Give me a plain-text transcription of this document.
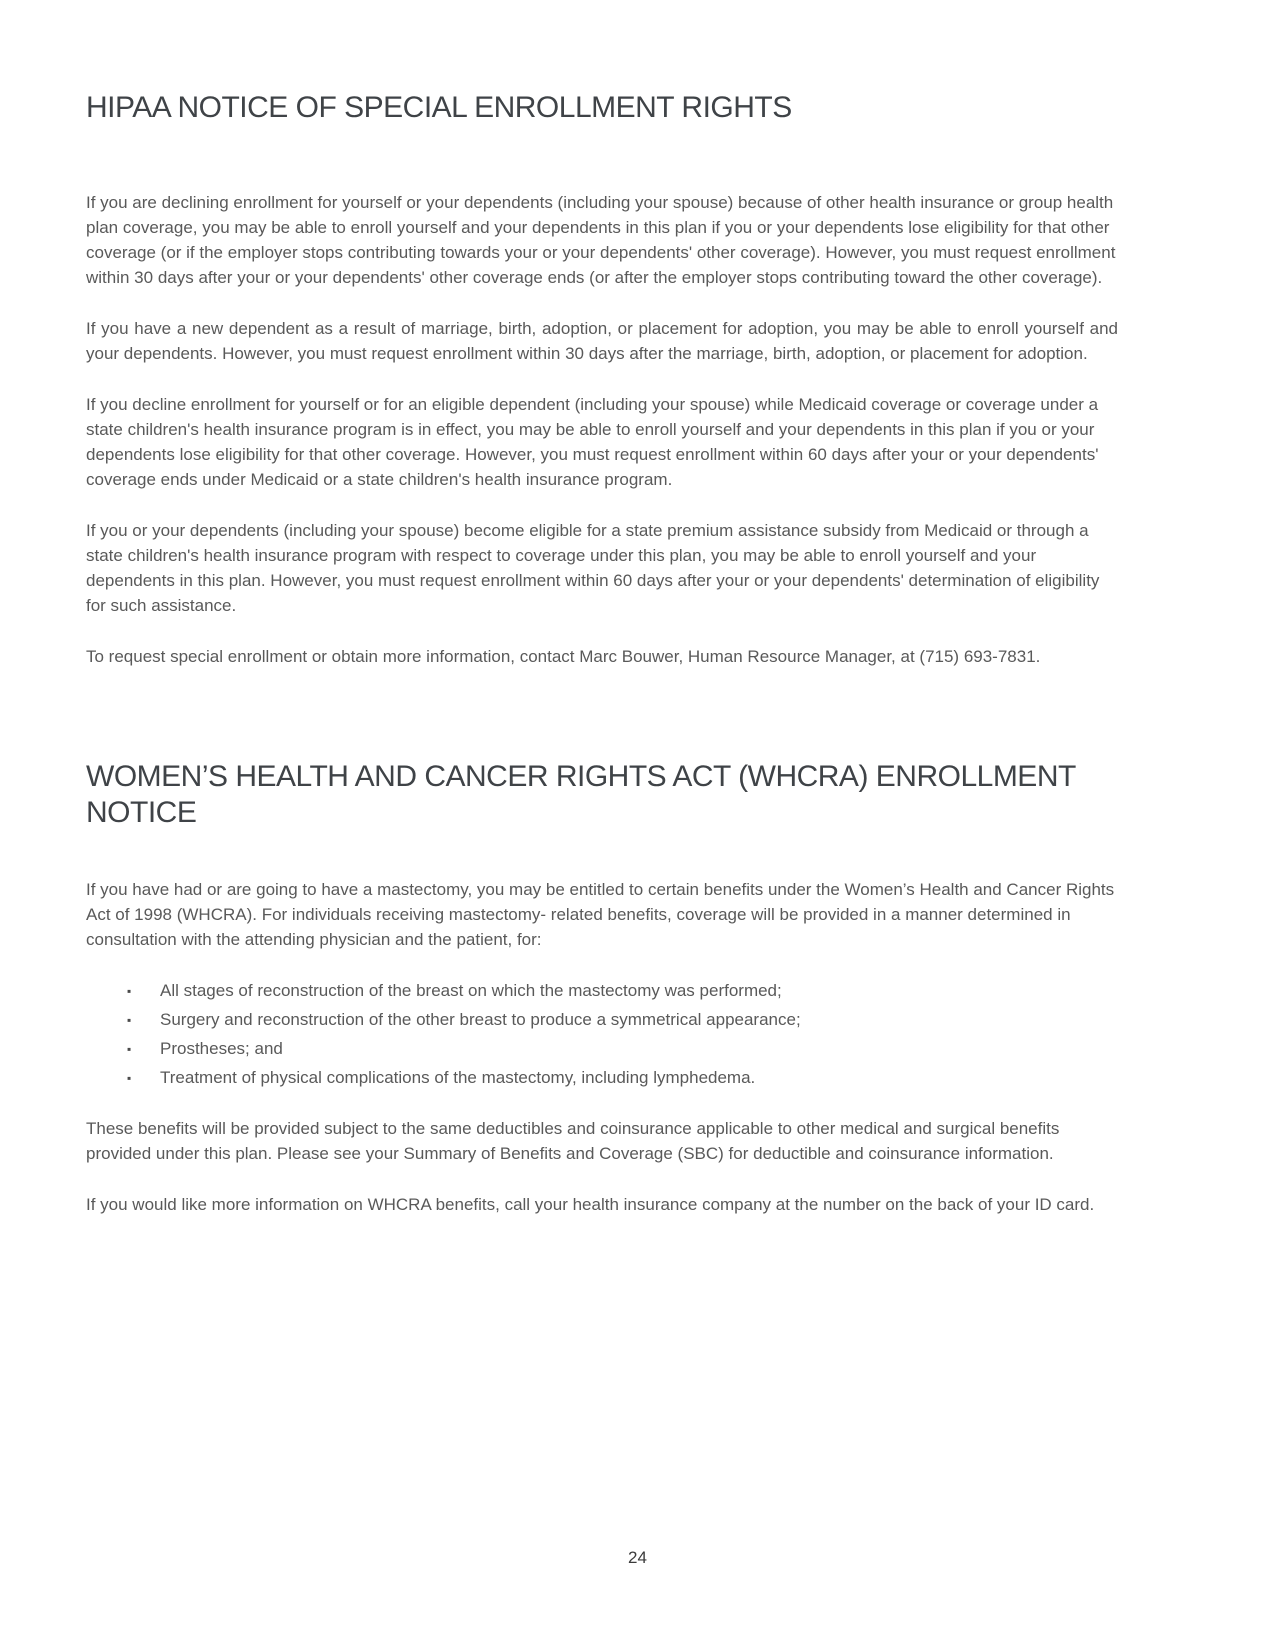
HIPAA NOTICE OF SPECIAL ENROLLMENT RIGHTS

If you are declining enrollment for yourself or your dependents (including your spouse) because of other health insurance or group health plan coverage, you may be able to enroll yourself and your dependents in this plan if you or your dependents lose eligibility for that other coverage (or if the employer stops contributing towards your or your dependents' other coverage). However, you must request enrollment within 30 days after your or your dependents' other coverage ends (or after the employer stops contributing toward the other coverage).

If you have a new dependent as a result of marriage, birth, adoption, or placement for adoption, you may be able to enroll yourself and your dependents. However, you must request enrollment within 30 days after the marriage, birth, adoption, or placement for adoption.

If you decline enrollment for yourself or for an eligible dependent (including your spouse) while Medicaid coverage or coverage under a state children's health insurance program is in effect, you may be able to enroll yourself and your dependents in this plan if you or your dependents lose eligibility for that other coverage. However, you must request enrollment within 60 days after your or your dependents' coverage ends under Medicaid or a state children's health insurance program.

If you or your dependents (including your spouse) become eligible for a state premium assistance subsidy from Medicaid or through a state children's health insurance program with respect to coverage under this plan, you may be able to enroll yourself and your dependents in this plan. However, you must request enrollment within 60 days after your or your dependents' determination of eligibility for such assistance.

To request special enrollment or obtain more information, contact Marc Bouwer, Human Resource Manager, at (715) 693-7831.

WOMEN’S HEALTH AND CANCER RIGHTS ACT (WHCRA) ENROLLMENT NOTICE

If you have had or are going to have a mastectomy, you may be entitled to certain benefits under the Women’s Health and Cancer Rights Act of 1998 (WHCRA). For individuals receiving mastectomy- related benefits, coverage will be provided in a manner determined in consultation with the attending physician and the patient, for:

▪ All stages of reconstruction of the breast on which the mastectomy was performed;
▪ Surgery and reconstruction of the other breast to produce a symmetrical appearance;
▪ Prostheses; and
▪ Treatment of physical complications of the mastectomy, including lymphedema.

These benefits will be provided subject to the same deductibles and coinsurance applicable to other medical and surgical benefits provided under this plan. Please see your Summary of Benefits and Coverage (SBC) for deductible and coinsurance information.

If you would like more information on WHCRA benefits, call your health insurance company at the number on the back of your ID card.

24
